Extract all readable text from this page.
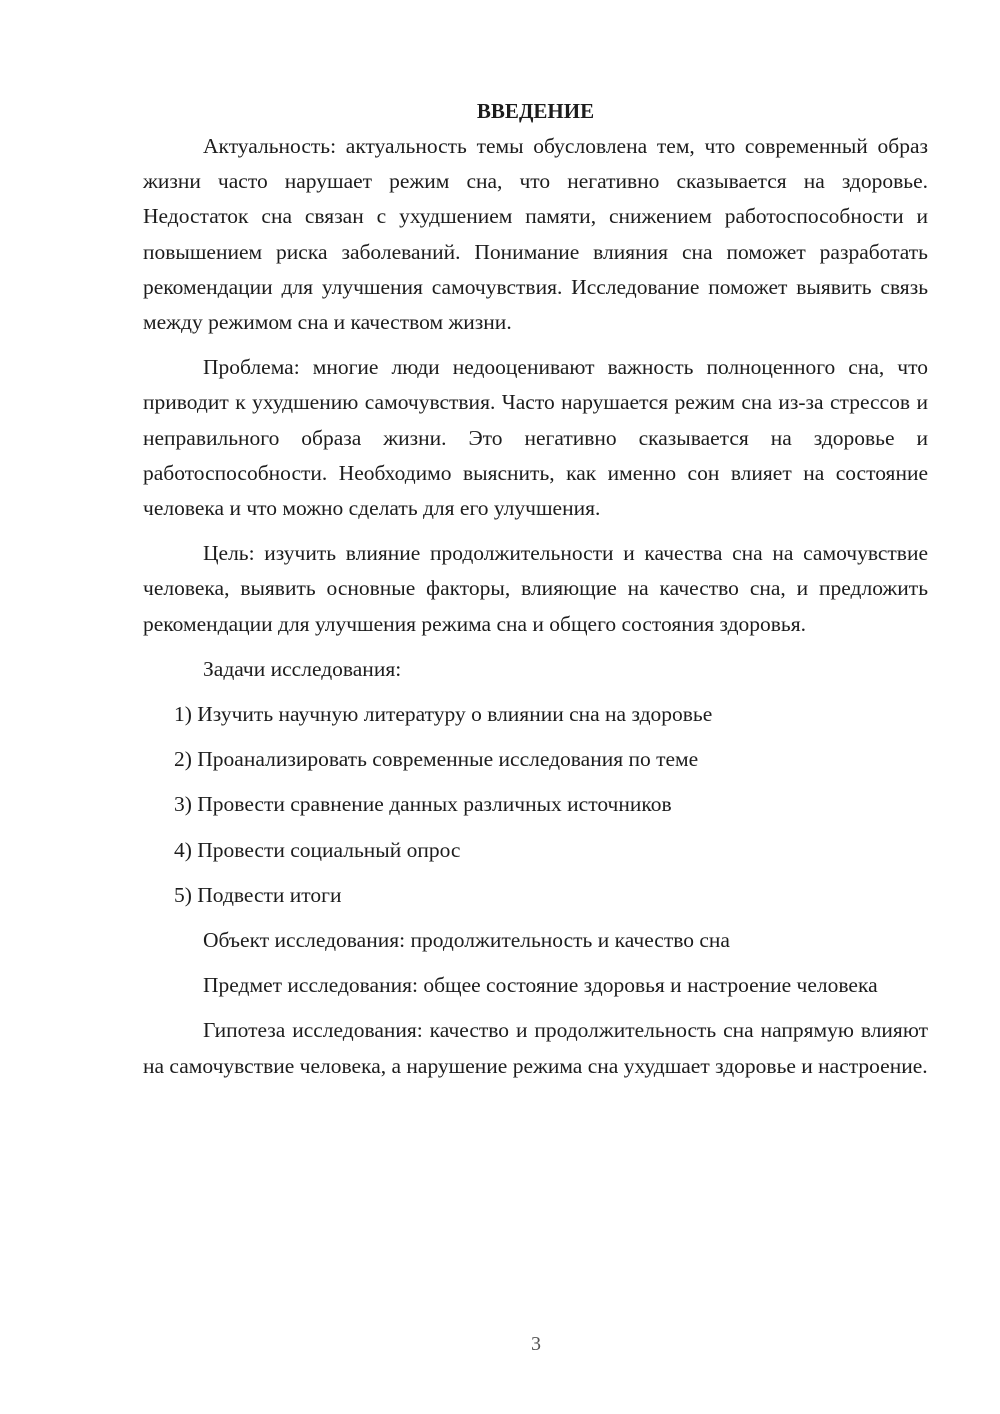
ВВЕДЕНИЕ

Актуальность: актуальность темы обусловлена тем, что современный образ жизни часто нарушает режим сна, что негативно сказывается на здоровье. Недостаток сна связан с ухудшением памяти, снижением работоспособности и повышением риска заболеваний. Понимание влияния сна поможет разработать рекомендации для улучшения самочувствия. Исследование поможет выявить связь между режимом сна и качеством жизни.

Проблема: многие люди недооценивают важность полноценного сна, что приводит к ухудшению самочувствия. Часто нарушается режим сна из-за стрессов и неправильного образа жизни. Это негативно сказывается на здоровье и работоспособности. Необходимо выяснить, как именно сон влияет на состояние человека и что можно сделать для его улучшения.

Цель: изучить влияние продолжительности и качества сна на самочувствие человека, выявить основные факторы, влияющие на качество сна, и предложить рекомендации для улучшения режима сна и общего состояния здоровья.

Задачи исследования:

1) Изучить научную литературу о влиянии сна на здоровье
2) Проанализировать современные исследования по теме
3) Провести сравнение данных различных источников
4) Провести социальный опрос
5) Подвести итоги

Объект исследования: продолжительность и качество сна

Предмет исследования: общее состояние здоровья и настроение человека

Гипотеза исследования: качество и продолжительность сна напрямую влияют на самочувствие человека, а нарушение режима сна ухудшает здоровье и настроение.

3
